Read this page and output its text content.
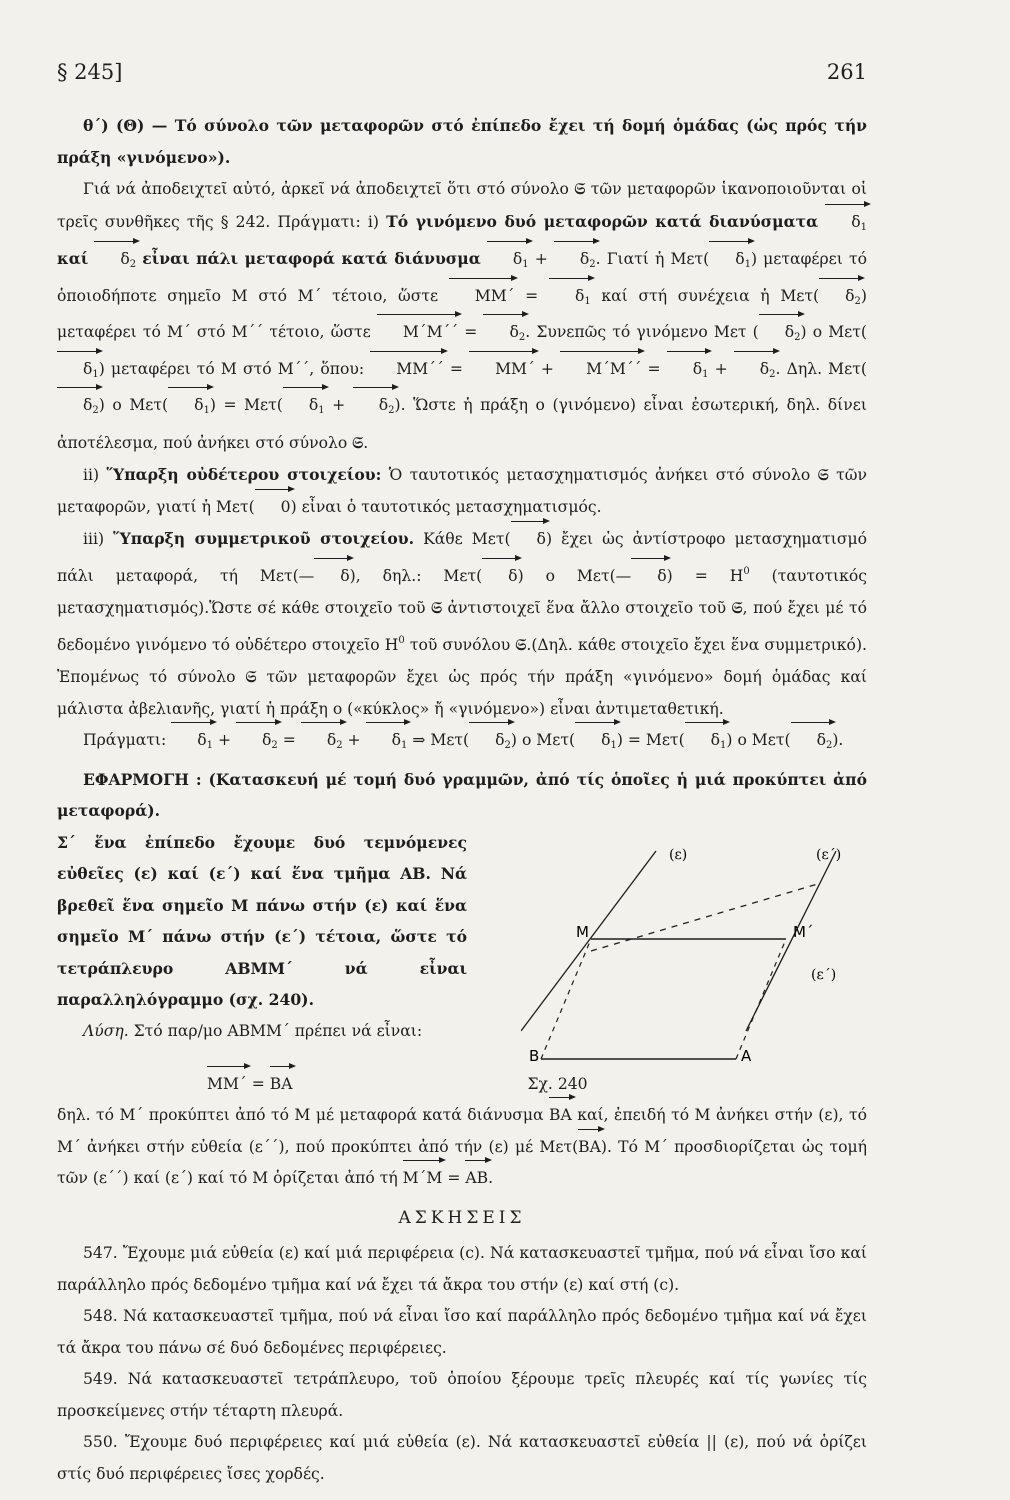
§ 245]	261

θ΄) (Θ) — Τό σύνολο τῶν μεταφορῶν στό ἐπίπεδο ἔχει τή δομή ὁμάδας (ὡς πρός τήν πράξη «γινόμενο»).

Γιά νά ἀποδειχτεῖ αὐτό, ἀρκεῖ νά ἀποδειχτεῖ ὅτι στό σύνολο 𝔖 τῶν μεταφορῶν ἱκανοποιοῦνται οἱ τρεῖς συνθῆκες τῆς § 242. Πράγματι: i) Τό γινόμενο δυό μεταφορῶν κατά διανύσματα $\delta_1$ καί $\delta_2$ εἶναι πάλι μεταφορά κατά διάνυσμα $\delta_1 + \delta_2$. Γιατί ἡ Μετ( $\delta_1$) μεταφέρει τό ὁποιοδήποτε σημεῖο Μ στό Μ΄ τέτοιο, ὥστε $MM΄ = \delta_1$ καί στή συνέχεια ἡ Μετ( $\delta_2$) μεταφέρει τό Μ΄ στό Μ΄΄ τέτοιο, ὥστε $M΄M΄΄ = \delta_2$. Συνεπῶς τό γινόμενο Μετ ( $\delta_2$) ο $M\varepsilon\tau(\delta_1)$ μεταφέρει τό Μ στό Μ΄΄, ὅπου: $MM΄΄ = MM΄ + M΄M΄΄ = \delta_1 + \delta_2$. Δηλ. $M\varepsilon\tau(\delta_2)$ ο Μετ( $\delta_1) = M\varepsilon\tau$( $\delta_1 + \delta_2$). Ὥστε ἡ πράξη ο (γινόμενο) εἶναι ἐσωτερική, δηλ. δίνει ἀποτέλεσμα, πού ἀνήκει στό σύνολο 𝔖.

ii) Ὕπαρξη οὐδέτερου στοιχείου: Ὁ ταυτοτικός μετασχηματισμός ἀνήκει στό σύνολο 𝔖 τῶν μεταφορῶν, γιατί ἡ Μετ( 0) εἶναι ὁ ταυτοτικός μετασχηματισμός.

iii) Ὕπαρξη συμμετρικοῦ στοιχείου. Κάθε Μετ( δ) ἔχει ὡς ἀντίστροφο μετασχηματισμό πάλι μεταφορά, τή Μετ(— δ), δηλ.: Μετ( δ) ο Μετ(— $\delta) = H^0$ (ταυτοτικός μετασχηματισμός).Ὥστε σέ κάθε στοιχεῖο τοῦ 𝔖 ἀντιστοιχεῖ ἕνα ἄλλο στοιχεῖο τοῦ 𝔖, πού ἔχει μέ τό δεδομένο γινόμενο τό οὐδέτερο στοιχεῖο $H^0$ τοῦ συνόλου 𝔖.(Δηλ. κάθε στοιχεῖο ἔχει ἕνα συμμετρικό). Ἐπομένως τό σύνολο 𝔖 τῶν μεταφορῶν ἔχει ὡς πρός τήν πράξη «γινόμενο» δομή ὁμάδας καί μάλιστα ἀβελιανῆς, γιατί ἡ πράξη ο («κύκλος» ἤ «γινόμενο») εἶναι ἀντιμεταθετική.

Πράγματι: $\delta_1 + \delta_2 = \delta_2 + \delta_1$ ⇒ Μετ( $\delta_2$) ο Μετ( $\delta_1) = M\varepsilon\tau$( $\delta_1$) ο Μετ( $\delta_2$).

ΕΦΑΡΜΟΓΗ : (Κατασκευή μέ τομή δυό γραμμῶν, ἀπό τίς ὁποῖες ἡ μιά προκύπτει ἀπό μεταφορά).

Σ΄ ἕνα ἐπίπεδο ἔχουμε δυό τεμνόμενες εὐθεῖες (ε) καί (ε΄) καί ἕνα τμῆμα ΑΒ. Νά βρεθεῖ ἕνα σημεῖο Μ πάνω στήν (ε) καί ἕνα σημεῖο Μ΄ πάνω στήν (ε΄) τέτοια, ὥστε τό τετράπλευρο ΑΒΜΜ΄ νά εἶναι παραλληλόγραμμο (σχ. 240).

Λύση. Στό παρ/μο ΑΒΜΜ΄ πρέπει νά εἶναι:

(ε)	(ε΄)
(ε΄)
Μ	Μ΄
Β	Α

ΜΜ΄ = ΒΑ	Σχ. 240

δηλ. τό Μ΄ προκύπτει ἀπό τό Μ μέ μεταφορά κατά διάνυσμα ΒΑ καί, ἐπειδή τό Μ ἀνήκει στήν (ε), τό Μ΄ ἀνήκει στήν εὐθεία (ε΄΄), πού προκύπτει ἀπό τήν (ε) μέ Μετ(ΒΑ). Τό Μ΄ προσδιορίζεται ὡς τομή τῶν (ε΄΄) καί (ε΄) καί τό Μ ὁρίζεται ἀπό τή Μ΄Μ = ΑΒ.

ΑΣΚΗΣΕΙΣ

547. Ἔχουμε μιά εὐθεία (ε) καί μιά περιφέρεια (c). Νά κατασκευαστεῖ τμῆμα, πού νά εἶναι ἴσο καί παράλληλο πρός δεδομένο τμῆμα καί νά ἔχει τά ἄκρα του στήν (ε) καί στή (c).

548. Νά κατασκευαστεῖ τμῆμα, πού νά εἶναι ἴσο καί παράλληλο πρός δεδομένο τμῆμα καί νά ἔχει τά ἄκρα του πάνω σέ δυό δεδομένες περιφέρειες.

549. Νά κατασκευαστεῖ τετράπλευρο, τοῦ ὁποίου ξέρουμε τρεῖς πλευρές καί τίς γωνίες τίς προσκείμενες στήν τέταρτη πλευρά.

550. Ἔχουμε δυό περιφέρειες καί μιά εὐθεία (ε). Νά κατασκευαστεῖ εὐθεία || (ε), πού νά ὁρίζει στίς δυό περιφέρειες ἴσες χορδές.
